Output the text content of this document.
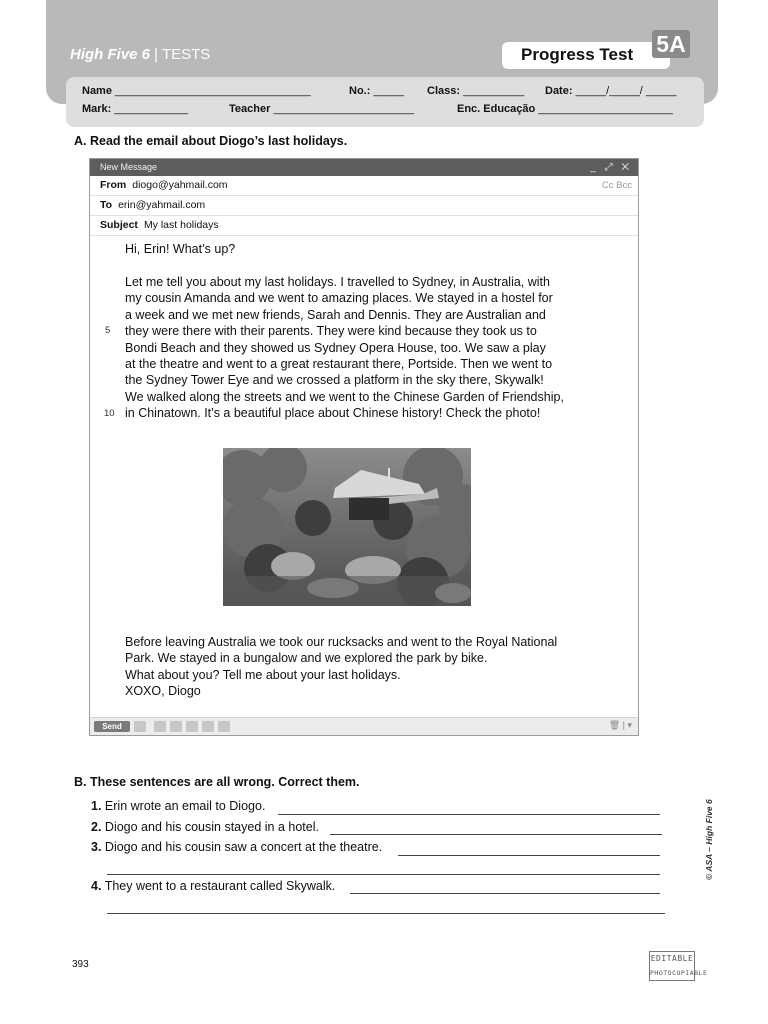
High Five 6 | TESTS	Progress Test	5A
Name ________________________________	No.: _____ Class: __________ Date: _____/_____/ _____
Mark: ____________	Teacher _______________________	Enc. Educação ______________________
A. Read the email about Diogo’s last holidays.
New Message	_ ⤢ ✕
From diogo@yahmail.com	Cc Bcc
To erin@yahmail.com
Subject My last holidays
Send	🗑 | ▾
Hi, Erin! What’s up?
Let me tell you about my last holidays. I travelled to Sydney, in Australia, with
my cousin Amanda and we went to amazing places. We stayed in a hostel for
a week and we met new friends, Sarah and Dennis. They are Australian and
they were there with their parents. They were kind because they took us to
Bondi Beach and they showed us Sydney Opera House, too. We saw a play
at the theatre and went to a great restaurant there, Portside. Then we went to
the Sydney Tower Eye and we crossed a platform in the sky there, Skywalk!
We walked along the streets and we went to the Chinese Garden of Friendship,
in Chinatown. It’s a beautiful place about Chinese history! Check the photo!
5
10
Before leaving Australia we took our rucksacks and went to the Royal National
Park. We stayed in a bungalow and we explored the park by bike.
What about you? Tell me about your last holidays.
XOXO, Diogo
B. These sentences are all wrong. Correct them.
1. Erin wrote an email to Diogo.
2. Diogo and his cousin stayed in a hotel.
3. Diogo and his cousin saw a concert at the theatre.
4. They went to a restaurant called Skywalk.
© ASA – High Five 6
393
EDITABLE
PHOTOCOPIABLE
